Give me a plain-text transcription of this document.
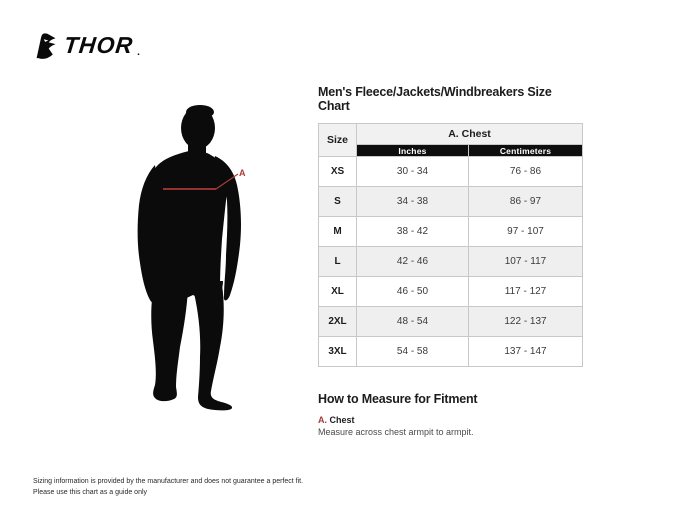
THOR .
A
Men's Fleece/Jackets/Windbreakers Size Chart
Size	A. Chest	
	Inches	Centimeters
XS	30 - 34	76 - 86
S	34 - 38	86 - 97
M	38 - 42	97 - 107
L	42 - 46	107 - 117
XL	46 - 50	117 - 127
2XL	48 - 54	122 - 137
3XL	54 - 58	137 - 147
How to Measure for Fitment
A. Chest
Measure across chest armpit to armpit.
Sizing information is provided by the manufacturer and does not guarantee a perfect fit.
Please use this chart as a guide only
